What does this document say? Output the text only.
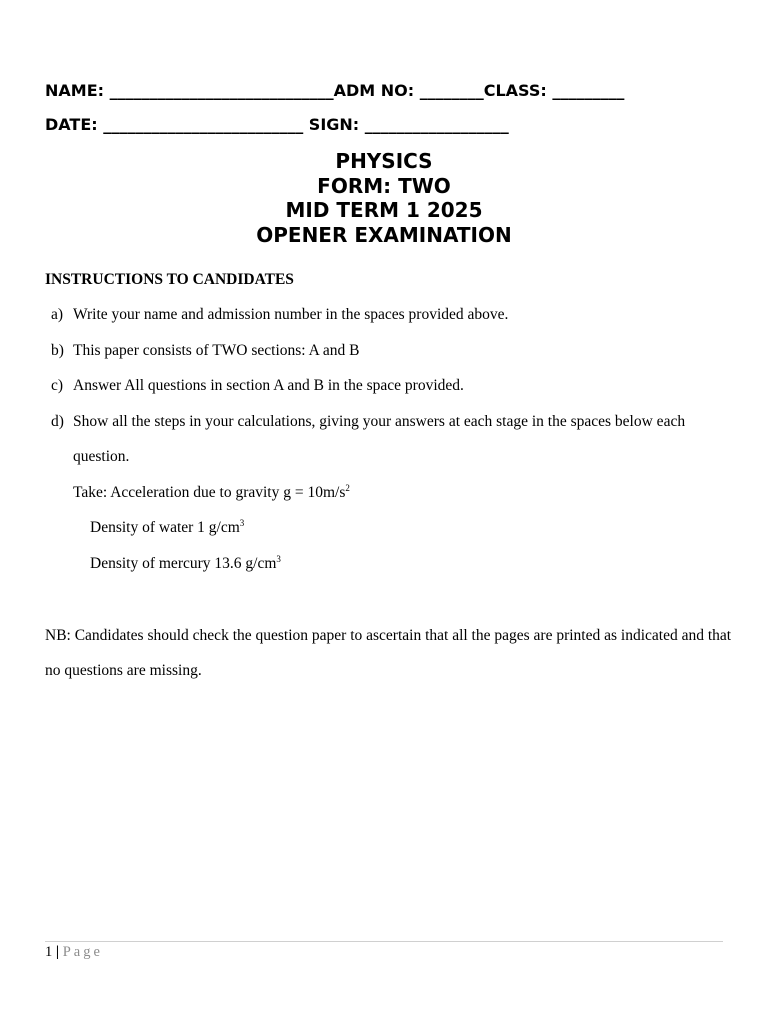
NAME: ____________________________ADM NO: ________CLASS: _________
DATE: _________________________ SIGN: __________________
PHYSICS
FORM: TWO
MID TERM 1 2025
OPENER EXAMINATION
INSTRUCTIONS TO CANDIDATES
a) Write your name and admission number in the spaces provided above.
b) This paper consists of TWO sections: A and B
c) Answer All questions in section A and B in the space provided.
d) Show all the steps in your calculations, giving your answers at each stage in the spaces below each
question.
Take: Acceleration due to gravity $g = 10m/s^2$
Density of water 1 $g/cm^3$
Density of mercury 13.6 $g/cm^3$
NB: Candidates should check the question paper to ascertain that all the pages are printed as indicated and that
no questions are missing.
1 | Page
